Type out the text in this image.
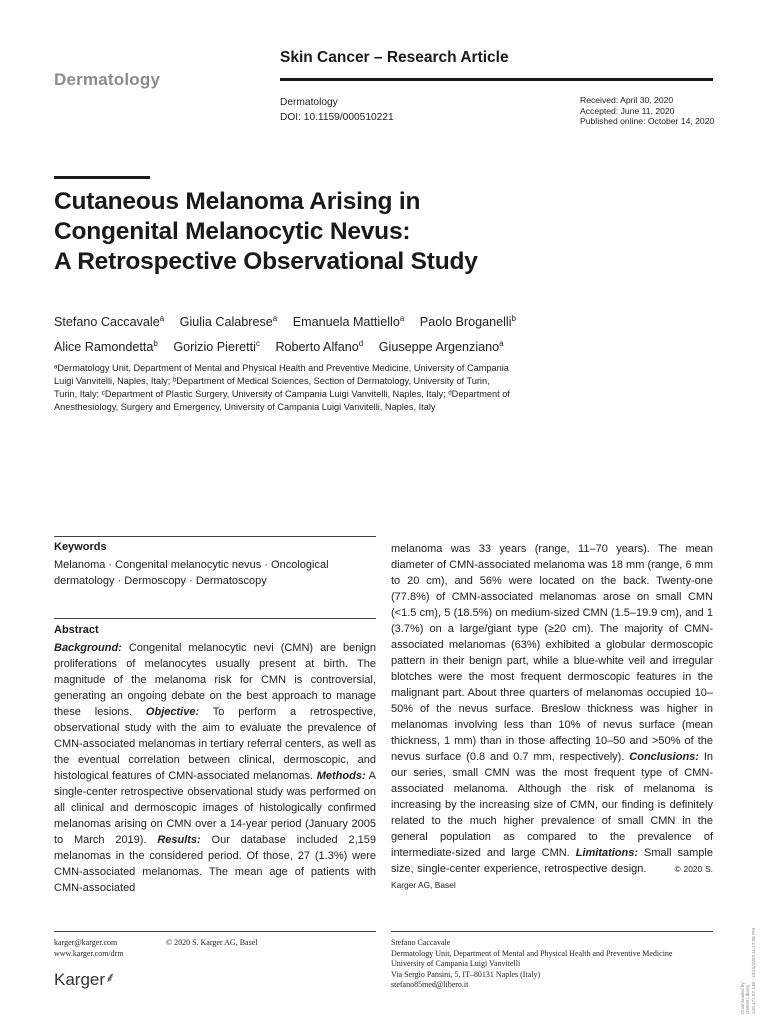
Dermatology
Skin Cancer – Research Article
Dermatology
DOI: 10.1159/000510221
Received: April 30, 2020
Accepted: June 11, 2020
Published online: October 14, 2020
Cutaneous Melanoma Arising in
Congenital Melanocytic Nevus:
A Retrospective Observational Study
Stefano Caccavale$^a$ Giulia Calabrese$^a$ Emanuela Mattiello$^a$ Paolo Broganelli$^b$
Alice Ramondetta$^b$ Gorizio Pieretti$^c$ Roberto Alfano$^d$ Giuseppe Argenziano$^a$
ᵃDermatology Unit, Department of Mental and Physical Health and Preventive Medicine, University of Campania
Luigi Vanvitelli, Naples, Italy; ᵇDepartment of Medical Sciences, Section of Dermatology, University of Turin,
Turin, Italy; ᶜDepartment of Plastic Surgery, University of Campania Luigi Vanvitelli, Naples, Italy; ᵈDepartment of
Anesthesiology, Surgery and Emergency, University of Campania Luigi Vanvitelli, Naples, Italy
Keywords
Melanoma · Congenital melanocytic nevus · Oncological dermatology · Dermoscopy · Dermatoscopy
Abstract
Background: Congenital melanocytic nevi (CMN) are benign proliferations of melanocytes usually present at birth. The magnitude of the melanoma risk for CMN is controversial, generating an ongoing debate on the best approach to manage these lesions. Objective: To perform a retrospective, observational study with the aim to evaluate the prevalence of CMN-associated melanomas in tertiary referral centers, as well as the eventual correlation between clinical, dermoscopic, and histological features of CMN-associated melanomas. Methods: A single-center retrospective observational study was performed on all clinical and dermoscopic images of histologically confirmed melanomas arising on CMN over a 14-year period (January 2005 to March 2019). Results: Our database included 2,159 melanomas in the considered period. Of those, 27 (1.3%) were CMN-associated melanomas. The mean age of patients with CMN-associated
melanoma was 33 years (range, 11–70 years). The mean diameter of CMN-associated melanoma was 18 mm (range, 6 mm to 20 cm), and 56% were located on the back. Twenty-one (77.8%) of CMN-associated melanomas arose on small CMN (<1.5 cm), 5 (18.5%) on medium-sized CMN (1.5–19.9 cm), and 1 (3.7%) on a large/giant type (≥20 cm). The majority of CMN-associated melanomas (63%) exhibited a globular dermoscopic pattern in their benign part, while a blue-white veil and irregular blotches were the most frequent dermoscopic features in the malignant part. About three quarters of melanomas occupied 10–50% of the nevus surface. Breslow thickness was higher in melanomas involving less than 10% of nevus surface (mean thickness, 1 mm) than in those affecting 10–50 and >50% of the nevus surface (0.8 and 0.7 mm, respectively). Conclusions: In our series, small CMN was the most frequent type of CMN-associated melanoma. Although the risk of melanoma is increasing by the increasing size of CMN, our finding is definitely related to the much higher prevalence of small CMN in the general population as compared to the prevalence of intermediate-sized and large CMN. Limitations: Small sample size, single-center experience, retrospective design.	© 2020 S. Karger AG, Basel
karger@karger.com
www.karger.com/drm
© 2020 S. Karger AG, Basel
Karger⸙
Stefano Caccavale
Dermatology Unit, Department of Mental and Physical Health and Preventive Medicine
University of Campania Luigi Vanvitelli
Via Sergio Pansini, 5, IT–80131 Naples (Italy)
stefano85med@libero.it	Downloaded by: UNSW Library 149.171.67.148 - 10/15/2020 11:17:06 PM
